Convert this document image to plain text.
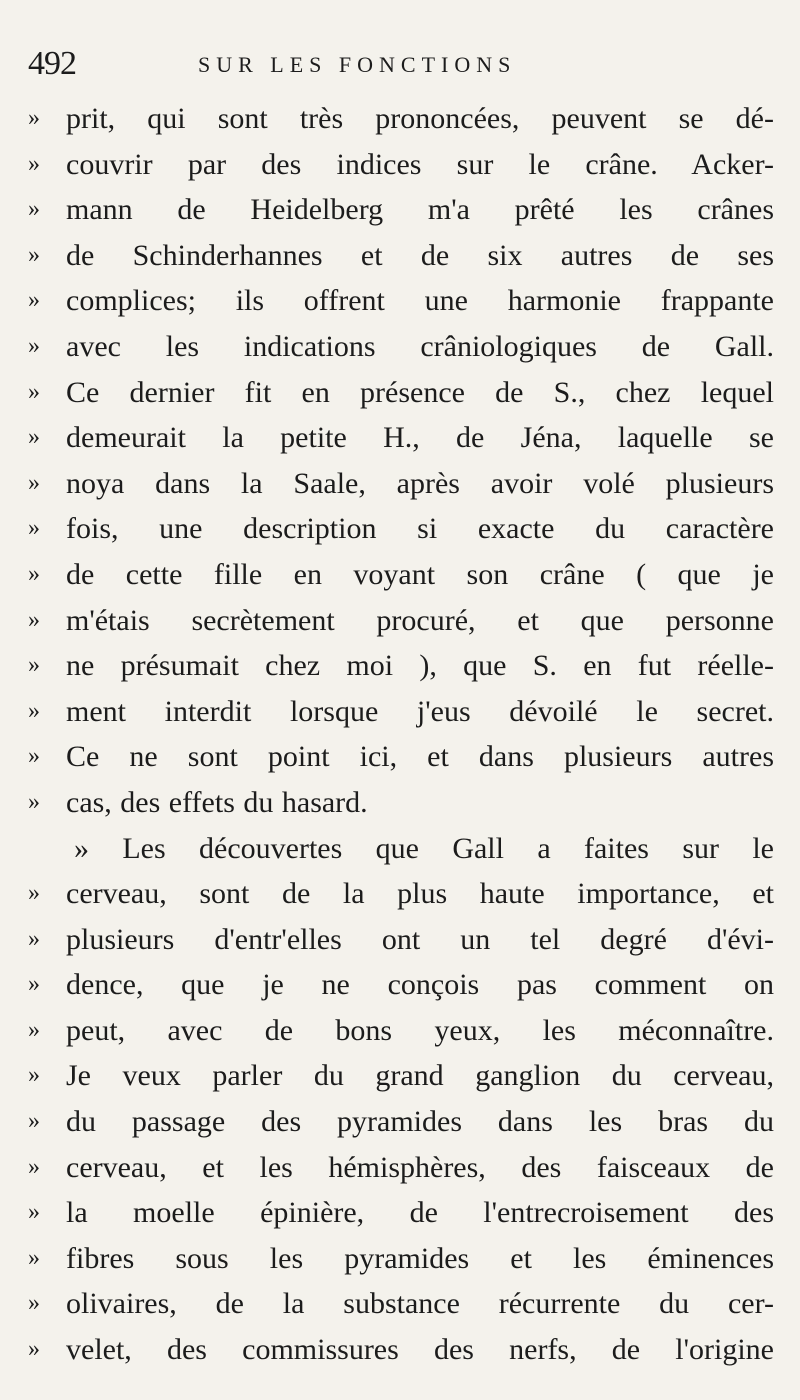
492	SUR LES FONCTIONS
» prit, qui sont très prononcées, peuvent se dé-
» couvrir par des indices sur le crâne. Acker-
» mann de Heidelberg m'a prêté les crânes
» de Schinderhannes et de six autres de ses
» complices; ils offrent une harmonie frappante
» avec les indications crâniologiques de Gall.
» Ce dernier fit en présence de S., chez lequel
» demeurait la petite H., de Jéna, laquelle se
» noya dans la Saale, après avoir volé plusieurs
» fois, une description si exacte du caractère
» de cette fille en voyant son crâne ( que je
» m'étais secrètement procuré, et que personne
» ne présumait chez moi ), que S. en fut réelle-
» ment interdit lorsque j'eus dévoilé le secret.
» Ce ne sont point ici, et dans plusieurs autres
» cas, des effets du hasard.
» Les découvertes que Gall a faites sur le
» cerveau, sont de la plus haute importance, et
» plusieurs d'entr'elles ont un tel degré d'évi-
» dence, que je ne conçois pas comment on
» peut, avec de bons yeux, les méconnaître.
» Je veux parler du grand ganglion du cerveau,
» du passage des pyramides dans les bras du
» cerveau, et les hémisphères, des faisceaux de
» la moelle épinière, de l'entrecroisement des
» fibres sous les pyramides et les éminences
» olivaires, de la substance récurrente du cer-
» velet, des commissures des nerfs, de l'origine
